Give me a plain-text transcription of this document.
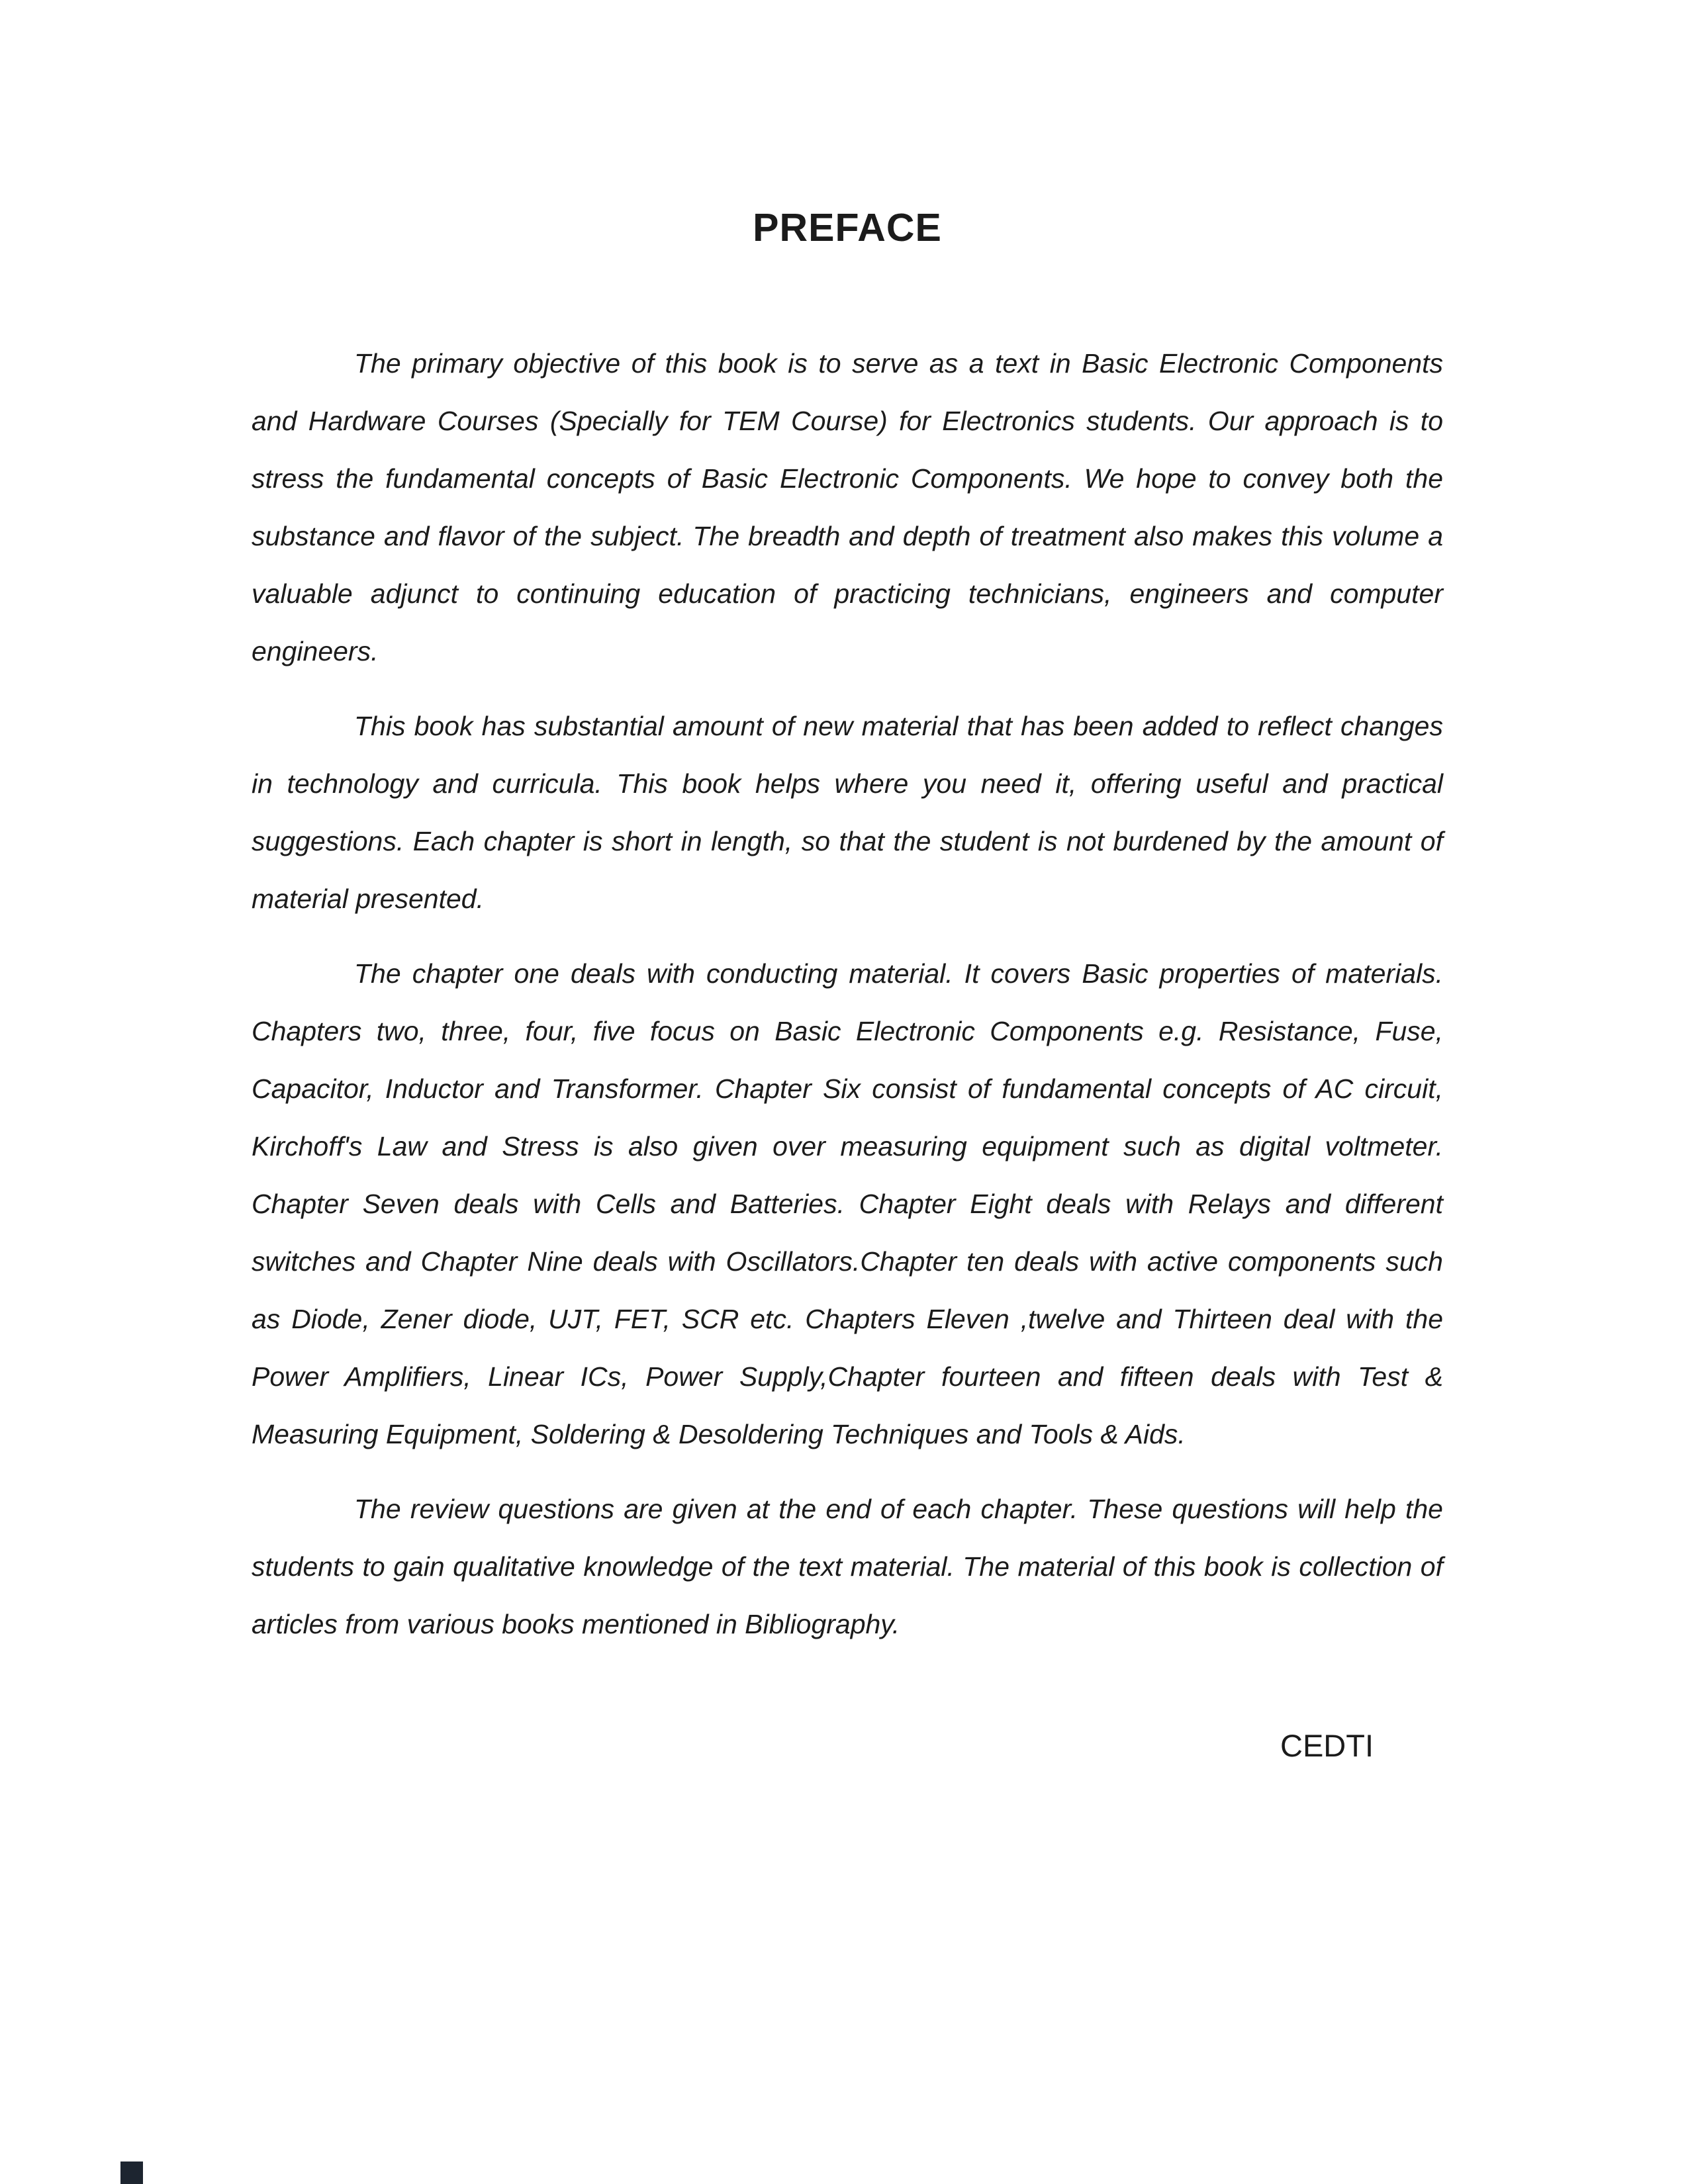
PREFACE

The primary objective of this book is to serve as a text in Basic Electronic Components and Hardware Courses (Specially for TEM Course) for Electronics students. Our approach is to stress the fundamental concepts of Basic Electronic Components. We hope to convey both the substance and flavor of the subject. The breadth and depth of treatment also makes this volume a valuable adjunct to continuing education of practicing technicians, engineers and computer engineers.

This book has substantial amount of new material that has been added to reflect changes in technology and curricula. This book helps where you need it, offering useful and practical suggestions. Each chapter is short in length, so that the student is not burdened by the amount of material presented.

The chapter one deals with conducting material. It covers Basic properties of materials. Chapters two, three, four, five focus on Basic Electronic Components e.g. Resistance, Fuse, Capacitor, Inductor and Transformer. Chapter Six consist of fundamental concepts of AC circuit, Kirchoff's Law and Stress is also given over measuring equipment such as digital voltmeter. Chapter Seven deals with Cells and Batteries. Chapter Eight deals with Relays and different switches and Chapter Nine deals with Oscillators.Chapter ten deals with active components such as Diode, Zener diode, UJT, FET, SCR etc. Chapters Eleven ,twelve and Thirteen deal with the Power Amplifiers, Linear ICs, Power Supply,Chapter fourteen and fifteen deals with Test & Measuring Equipment, Soldering & Desoldering Techniques and Tools & Aids.

The review questions are given at the end of each chapter. These questions will help the students to gain qualitative knowledge of the text material. The material of this book is collection of articles from various books mentioned in Bibliography.

CEDTI
